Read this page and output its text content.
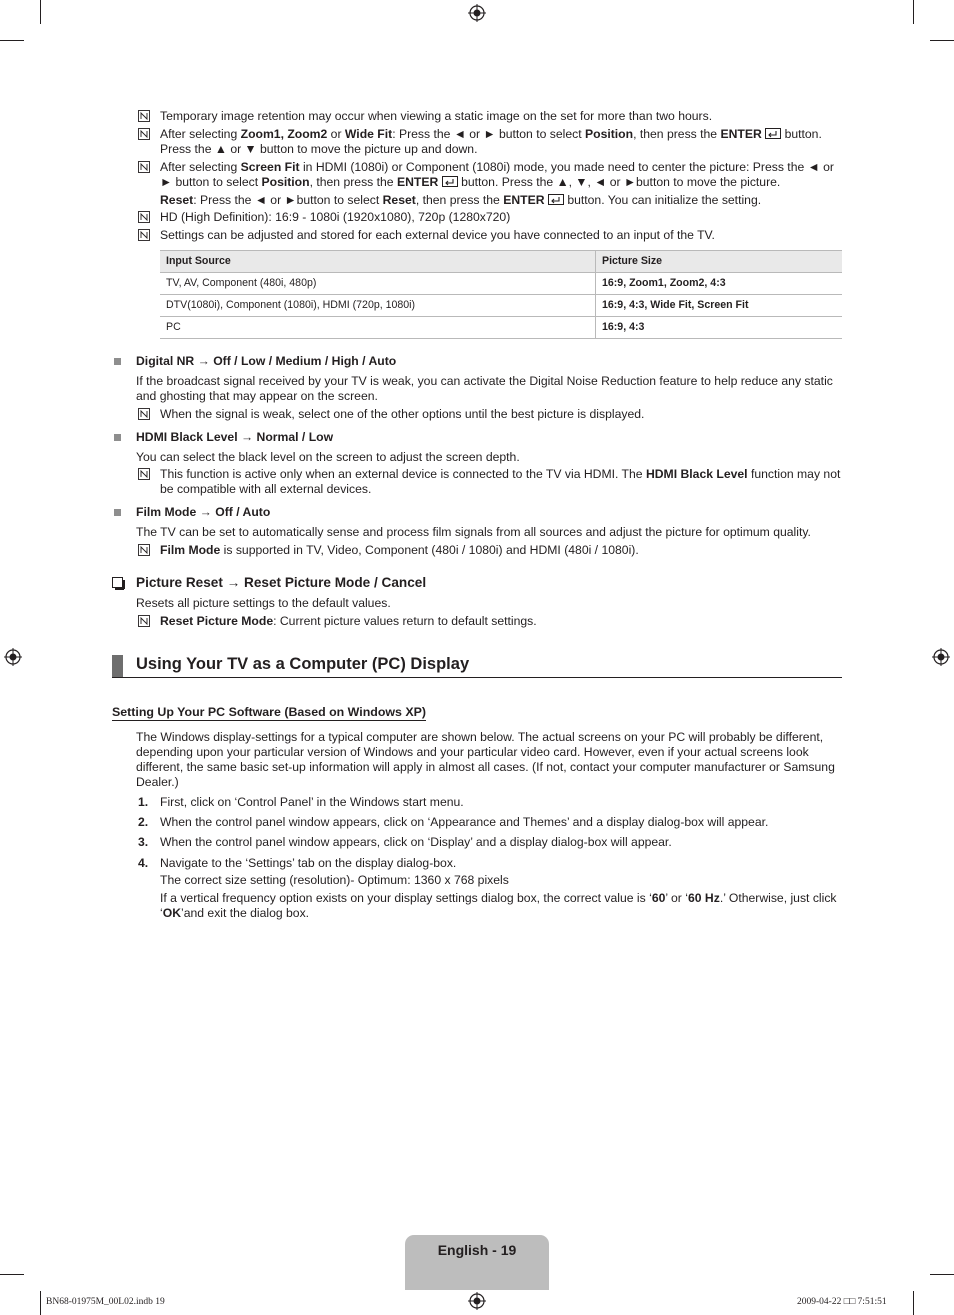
Temporary image retention may occur when viewing a static image on the set for more than two hours.
After selecting Zoom1, Zoom2 or Wide Fit: Press the ◄ or ► button to select Position, then press the ENTER  button.
Press the ▲ or ▼ button to move the picture up and down.
After selecting Screen Fit in HDMI (1080i) or Component (1080i) mode, you made need to center the picture: Press the ◄ or
► button to select Position, then press the ENTER  button. Press the ▲, ▼, ◄ or ►button to move the picture.
Reset: Press the ◄ or ►button to select Reset, then press the ENTER  button. You can initialize the setting.
HD (High Definition): 16:9 - 1080i (1920x1080), 720p (1280x720)
Settings can be adjusted and stored for each external device you have connected to an input of the TV.
Input Source	Picture Size
TV, AV, Component (480i, 480p)	16:9, Zoom1, Zoom2, 4:3
DTV(1080i), Component (1080i), HDMI (720p, 1080i)	16:9, 4:3, Wide Fit, Screen Fit
PC	16:9, 4:3
Digital NR → Off / Low / Medium / High / Auto
If the broadcast signal received by your TV is weak, you can activate the Digital Noise Reduction feature to help reduce any static and ghosting that may appear on the screen.
When the signal is weak, select one of the other options until the best picture is displayed.
HDMI Black Level → Normal / Low
You can select the black level on the screen to adjust the screen depth.
This function is active only when an external device is connected to the TV via HDMI. The HDMI Black Level function may not be compatible with all external devices.
Film Mode → Off / Auto
The TV can be set to automatically sense and process film signals from all sources and adjust the picture for optimum quality.
Film Mode is supported in TV, Video, Component (480i / 1080i) and HDMI (480i / 1080i).
Picture Reset → Reset Picture Mode / Cancel
Resets all picture settings to the default values.
Reset Picture Mode: Current picture values return to default settings.
Using Your TV as a Computer (PC) Display
Setting Up Your PC Software (Based on Windows XP)
The Windows display-settings for a typical computer are shown below. The actual screens on your PC will probably be different, depending upon your particular version of Windows and your particular video card. However, even if your actual screens look different, the same basic set-up information will apply in almost all cases. (If not, contact your computer manufacturer or Samsung Dealer.)
1. First, click on ‘Control Panel’ in the Windows start menu.
2. When the control panel window appears, click on ‘Appearance and Themes’ and a display dialog-box will appear.
3. When the control panel window appears, click on ‘Display’ and a display dialog-box will appear.
4. Navigate to the ‘Settings’ tab on the display dialog-box.
The correct size setting (resolution)- Optimum: 1360 x 768 pixels
If a vertical frequency option exists on your display settings dialog box, the correct value is ‘60’ or ‘60 Hz.’ Otherwise, just click ‘OK’and exit the dialog box.
English - 19
BN68-01975M_00L02.indb 19	2009-04-22 □□ 7:51:51
